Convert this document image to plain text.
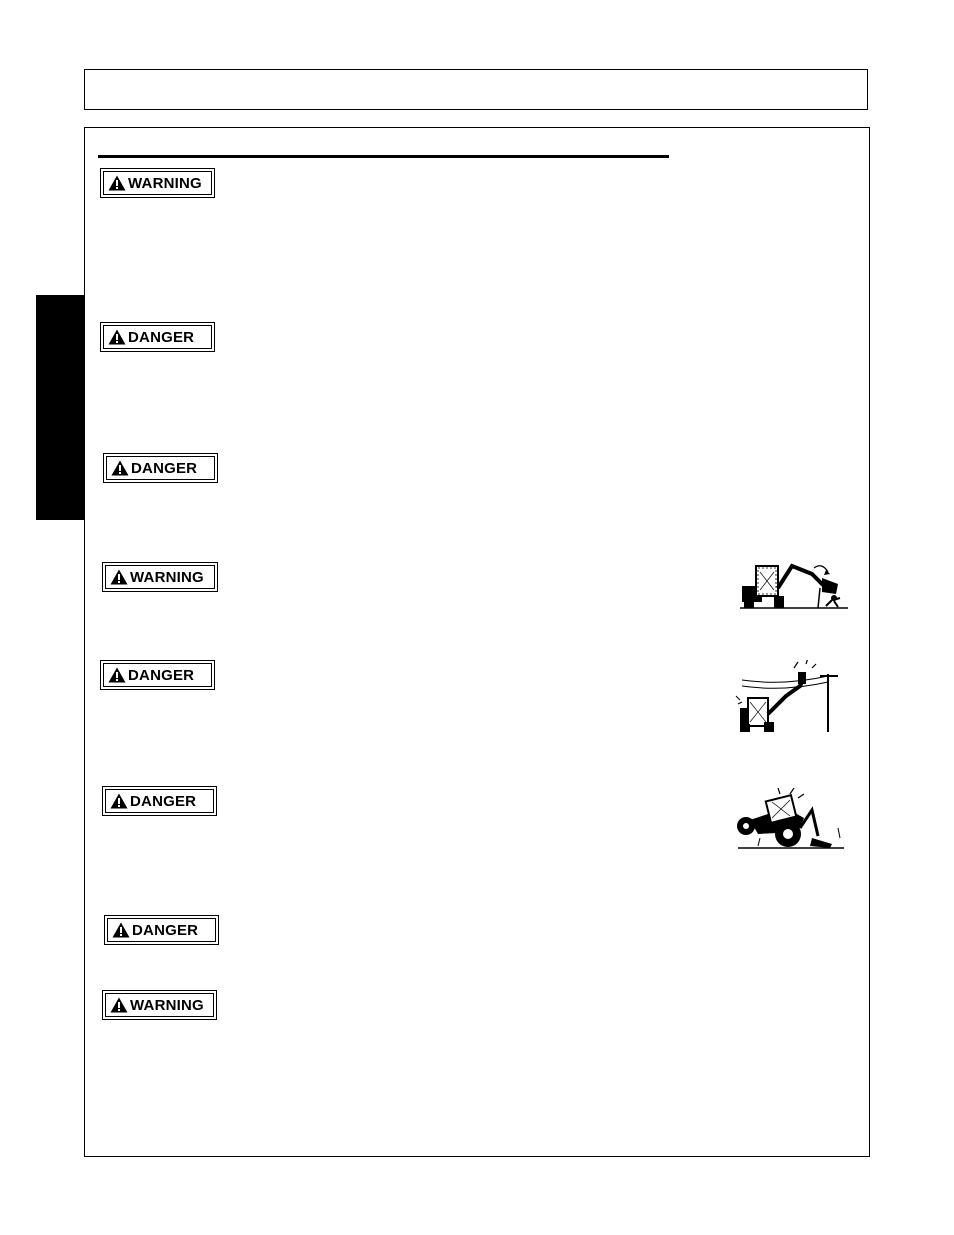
WARNING
DANGER
DANGER
WARNING
DANGER
DANGER
DANGER
WARNING
